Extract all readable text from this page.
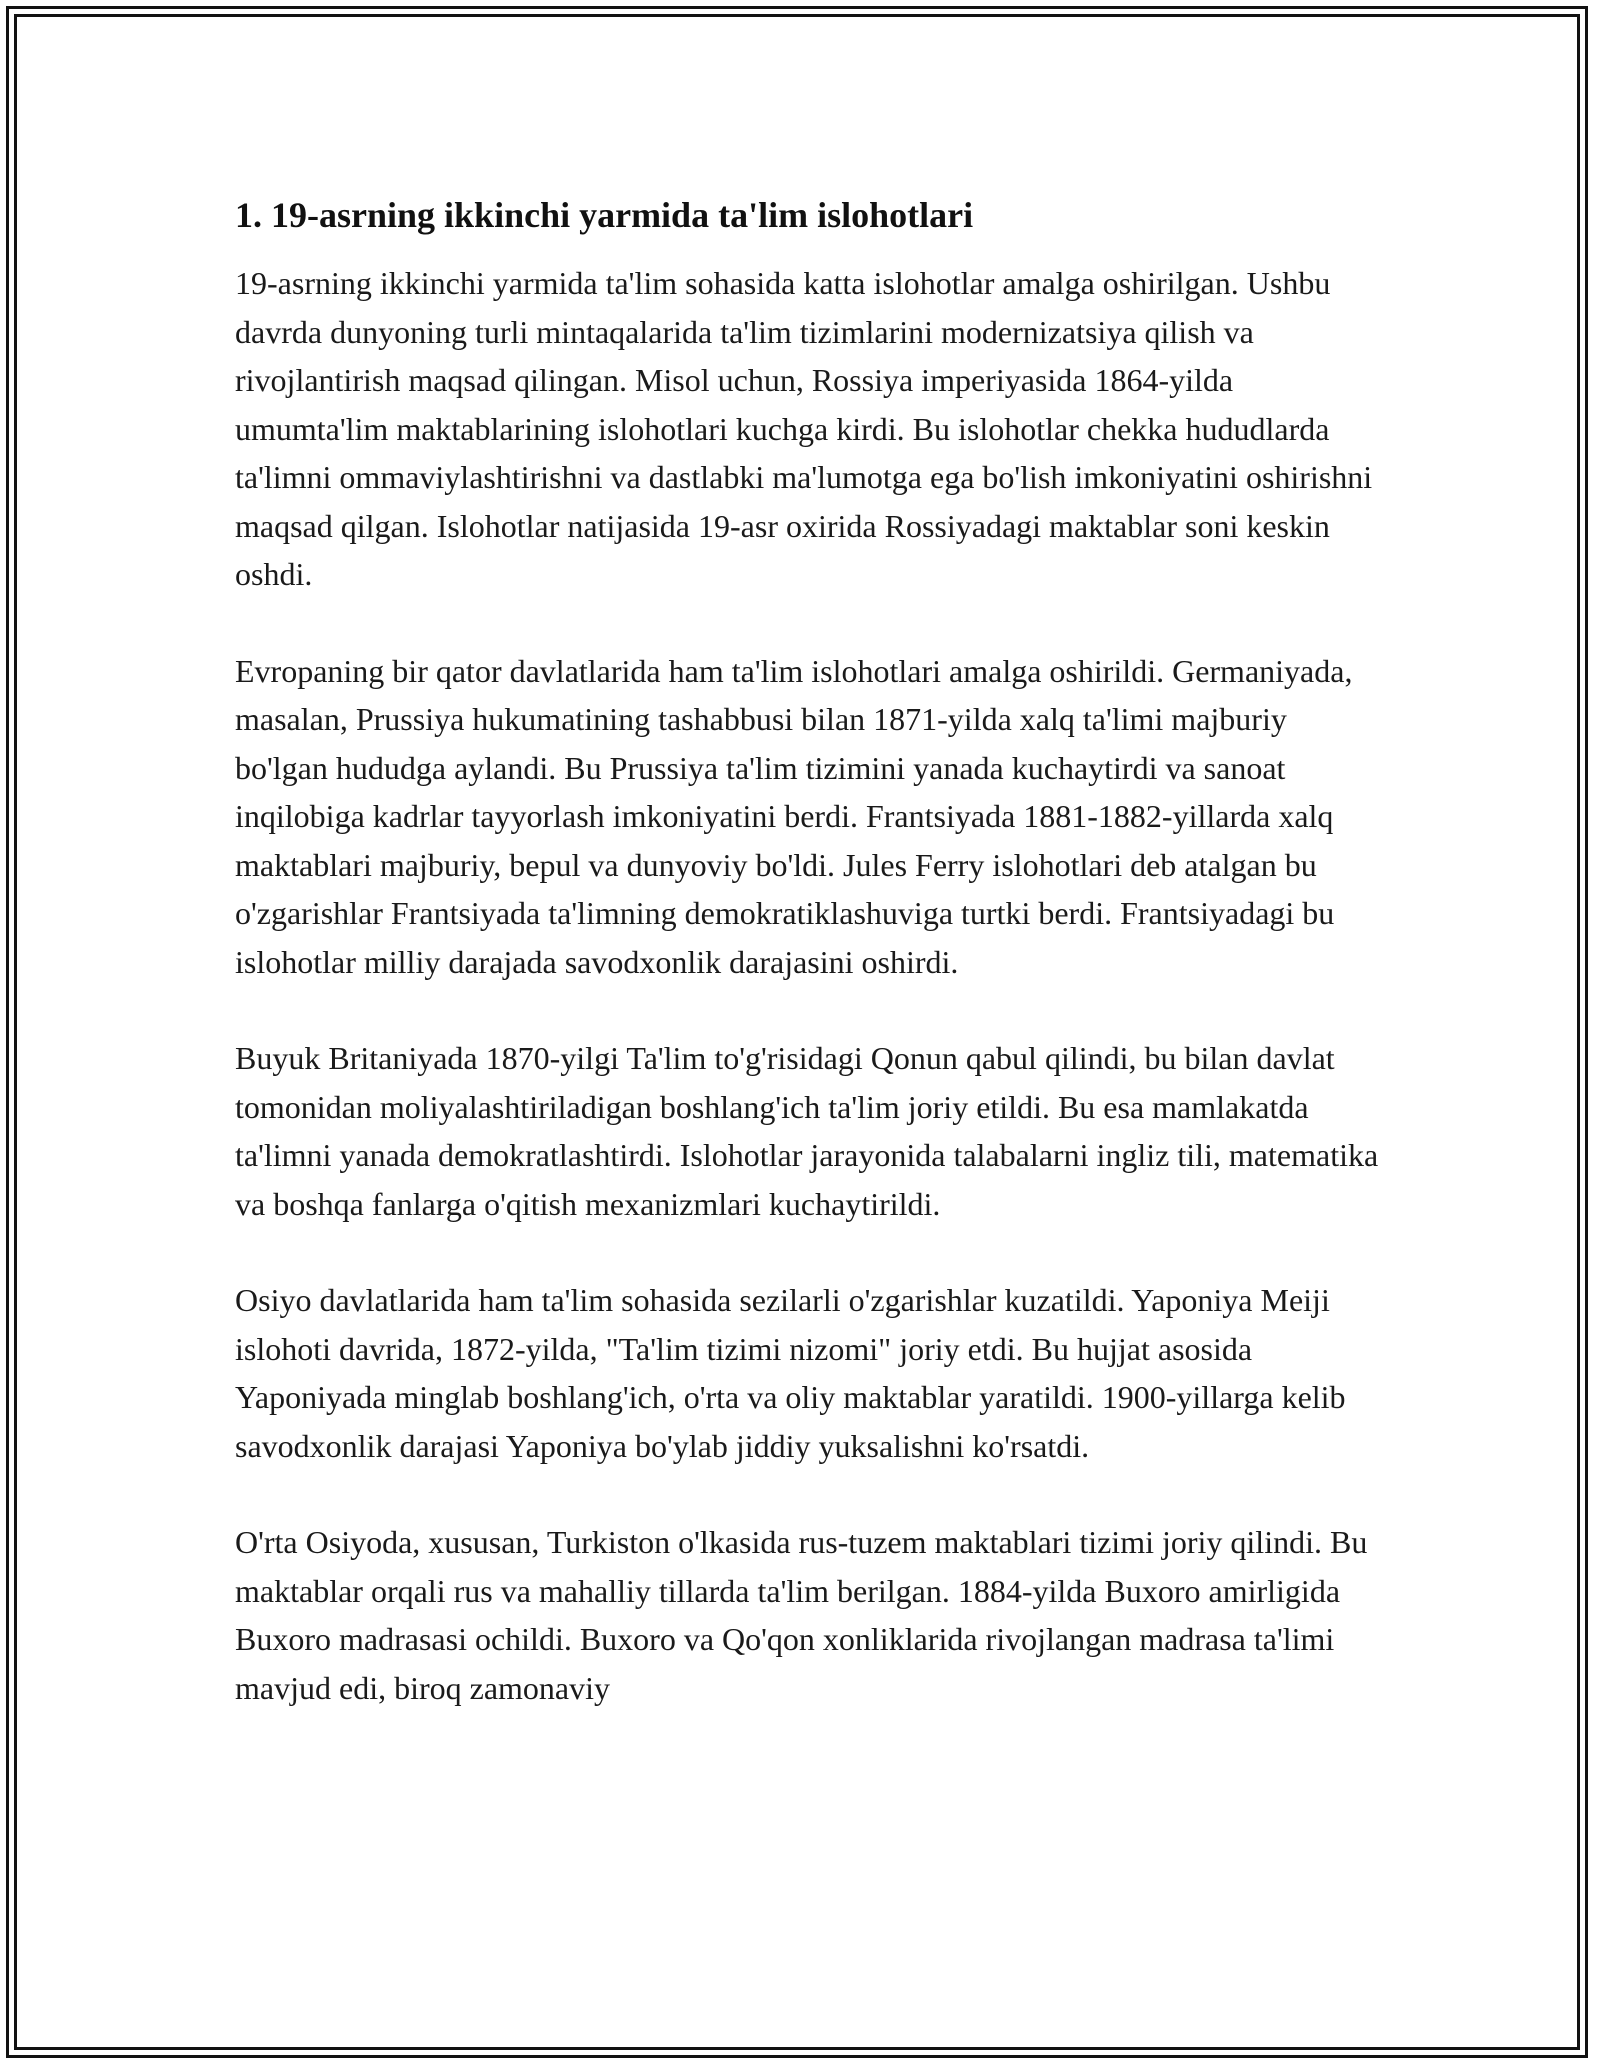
1. 19-asrning ikkinchi yarmida ta'lim islohotlari

19-asrning ikkinchi yarmida ta'lim sohasida katta islohotlar amalga oshirilgan. Ushbu davrda dunyoning turli mintaqalarida ta'lim tizimlarini modernizatsiya qilish va rivojlantirish maqsad qilingan. Misol uchun, Rossiya imperiyasida 1864-yilda umumta'lim maktablarining islohotlari kuchga kirdi. Bu islohotlar chekka hududlarda ta'limni ommaviylashtirishni va dastlabki ma'lumotga ega bo'lish imkoniyatini oshirishni maqsad qilgan. Islohotlar natijasida 19-asr oxirida Rossiyadagi maktablar soni keskin oshdi.

Evropaning bir qator davlatlarida ham ta'lim islohotlari amalga oshirildi. Germaniyada, masalan, Prussiya hukumatining tashabbusi bilan 1871-yilda xalq ta'limi majburiy bo'lgan hududga aylandi. Bu Prussiya ta'lim tizimini yanada kuchaytirdi va sanoat inqilobiga kadrlar tayyorlash imkoniyatini berdi. Frantsiyada 1881-1882-yillarda xalq maktablari majburiy, bepul va dunyoviy bo'ldi. Jules Ferry islohotlari deb atalgan bu o'zgarishlar Frantsiyada ta'limning demokratiklashuviga turtki berdi. Frantsiyadagi bu islohotlar milliy darajada savodxonlik darajasini oshirdi.

Buyuk Britaniyada 1870-yilgi Ta'lim to'g'risidagi Qonun qabul qilindi, bu bilan davlat tomonidan moliyalashtiriladigan boshlang'ich ta'lim joriy etildi. Bu esa mamlakatda ta'limni yanada demokratlashtirdi. Islohotlar jarayonida talabalarni ingliz tili, matematika va boshqa fanlarga o'qitish mexanizmlari kuchaytirildi.

Osiyo davlatlarida ham ta'lim sohasida sezilarli o'zgarishlar kuzatildi. Yaponiya Meiji islohoti davrida, 1872-yilda, "Ta'lim tizimi nizomi" joriy etdi. Bu hujjat asosida Yaponiyada minglab boshlang'ich, o'rta va oliy maktablar yaratildi. 1900-yillarga kelib savodxonlik darajasi Yaponiya bo'ylab jiddiy yuksalishni ko'rsatdi.

O'rta Osiyoda, xususan, Turkiston o'lkasida rus-tuzem maktablari tizimi joriy qilindi. Bu maktablar orqali rus va mahalliy tillarda ta'lim berilgan. 1884-yilda Buxoro amirligida Buxoro madrasasi ochildi. Buxoro va Qo'qon xonliklarida rivojlangan madrasa ta'limi mavjud edi, biroq zamonaviy
